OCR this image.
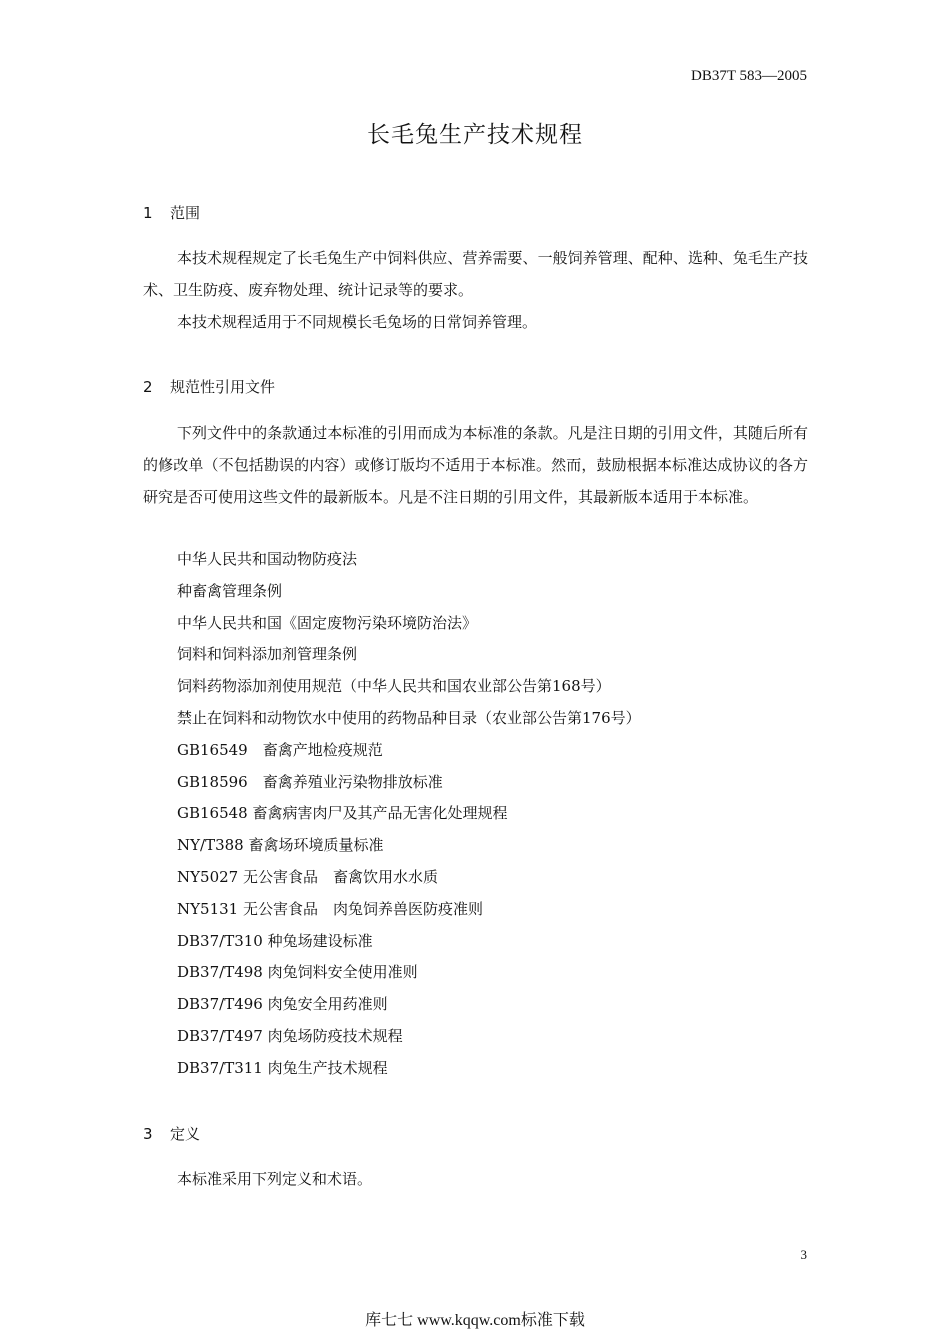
DB37T 583—2005
长毛兔生产技术规程
1 范围

本技术规程规定了长毛兔生产中饲料供应、营养需要、一般饲养管理、配种、选种、兔毛生产技术、卫生防疫、废弃物处理、统计记录等的要求。

本技术规程适用于不同规模长毛兔场的日常饲养管理。

2 规范性引用文件

下列文件中的条款通过本标准的引用而成为本标准的条款。凡是注日期的引用文件，其随后所有的修改单（不包括勘误的内容）或修订版均不适用于本标准。然而，鼓励根据本标准达成协议的各方研究是否可使用这些文件的最新版本。凡是不注日期的引用文件，其最新版本适用于本标准。

中华人民共和国动物防疫法
种畜禽管理条例
中华人民共和国《固定废物污染环境防治法》
饲料和饲料添加剂管理条例
饲料药物添加剂使用规范（中华人民共和国农业部公告第168号）
禁止在饲料和动物饮水中使用的药物品种目录（农业部公告第176号）
GB16549　畜禽产地检疫规范
GB18596　畜禽养殖业污染物排放标准
GB16548 畜禽病害肉尸及其产品无害化处理规程
NY/T388 畜禽场环境质量标准
NY5027 无公害食品　畜禽饮用水水质
NY5131 无公害食品　肉兔饲养兽医防疫准则
DB37/T310 种兔场建设标准
DB37/T498 肉兔饲料安全使用准则
DB37/T496 肉兔安全用药准则
DB37/T497 肉兔场防疫技术规程
DB37/T311 肉兔生产技术规程
3 定义

本标准采用下列定义和术语。

3
库七七 www.kqqw.com标准下载
